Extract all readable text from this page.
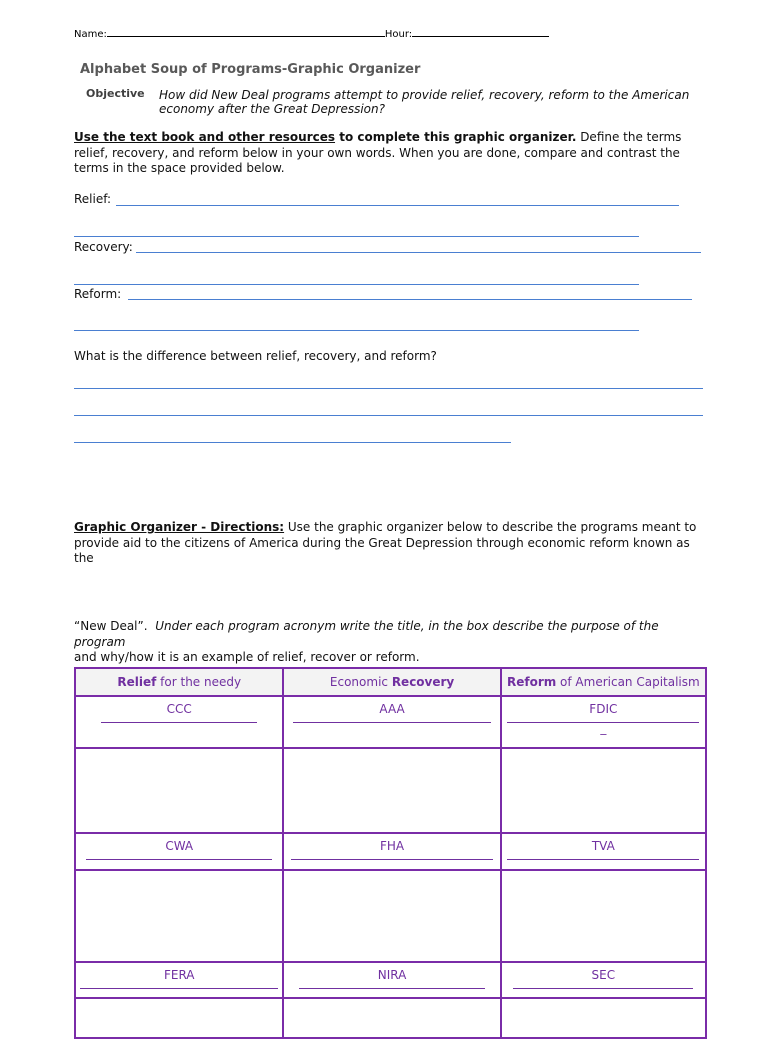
Name:	Hour:
Alphabet Soup of Programs-Graphic Organizer
Objective How did New Deal programs attempt to provide relief, recovery, reform to the American economy after the Great Depression?
Use the text book and other resources to complete this graphic organizer. Define the terms relief, recovery, and reform below in your own words. When you are done, compare and contrast the terms in the space provided below.
Relief:
Recovery:
Reform:
What is the difference between relief, recovery, and reform?
Graphic Organizer - Directions: Use the graphic organizer below to describe the programs meant to provide aid to the citizens of America during the Great Depression through economic reform known as the
“New Deal”. Under each program acronym write the title, in the box describe the purpose of the program
and why/how it is an example of relief, recover or reform.
Relief for the needy	Economic Recovery	Reform of American Capitalism

CCC	AAA	FDIC
_

CWA	FHA	TVA

FERA	NIRA	SEC
